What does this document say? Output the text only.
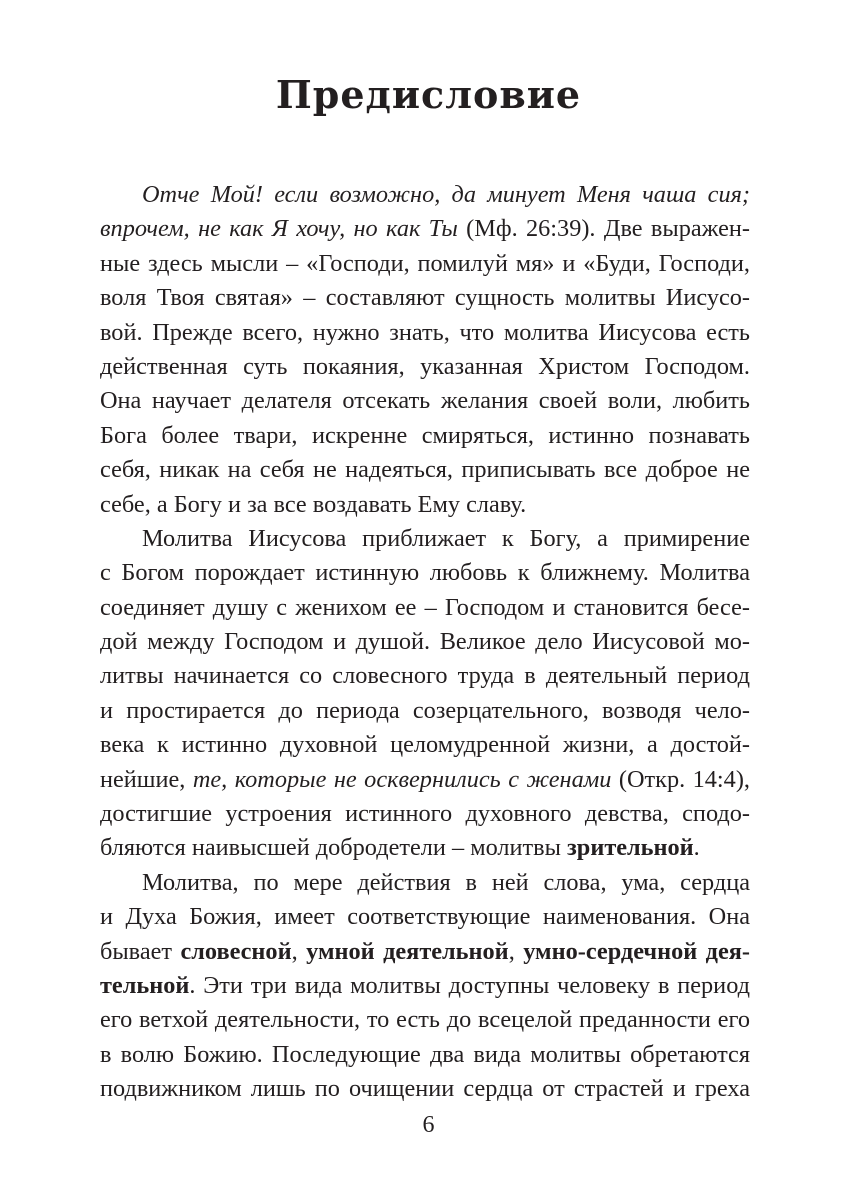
Предисловие
Отче Мой! если возможно, да минует Меня чаша сия;
впрочем, не как Я хочу, но как Ты (Мф. 26:39). Две выражен-
ные здесь мысли – «Господи, помилуй мя» и «Буди, Господи,
воля Твоя святая» – составляют сущность молитвы Иисусо-
вой. Прежде всего, нужно знать, что молитва Иисусова есть
действенная суть покаяния, указанная Христом Господом.
Она научает делателя отсекать желания своей воли, любить
Бога более твари, искренне смиряться, истинно познавать
себя, никак на себя не надеяться, приписывать все доброе не
себе, а Богу и за все воздавать Ему славу.
Молитва Иисусова приближает к Богу, а примирение
с Богом порождает истинную любовь к ближнему. Молитва
соединяет душу с женихом ее – Господом и становится бесе-
дой между Господом и душой. Великое дело Иисусовой мо-
литвы начинается со словесного труда в деятельный период
и простирается до периода созерцательного, возводя чело-
века к истинно духовной целомудренной жизни, а достой-
нейшие, те, которые не осквернились с женами (Откр. 14:4),
достигшие устроения истинного духовного девства, сподо-
бляются наивысшей добродетели – молитвы зрительной.
Молитва, по мере действия в ней слова, ума, сердца
и Духа Божия, имеет соответствующие наименования. Она
бывает словесной, умной деятельной, умно-сердечной дея-
тельной. Эти три вида молитвы доступны человеку в период
его ветхой деятельности, то есть до всецелой преданности его
в волю Божию. Последующие два вида молитвы обретаются
подвижником лишь по очищении сердца от страстей и греха
6
